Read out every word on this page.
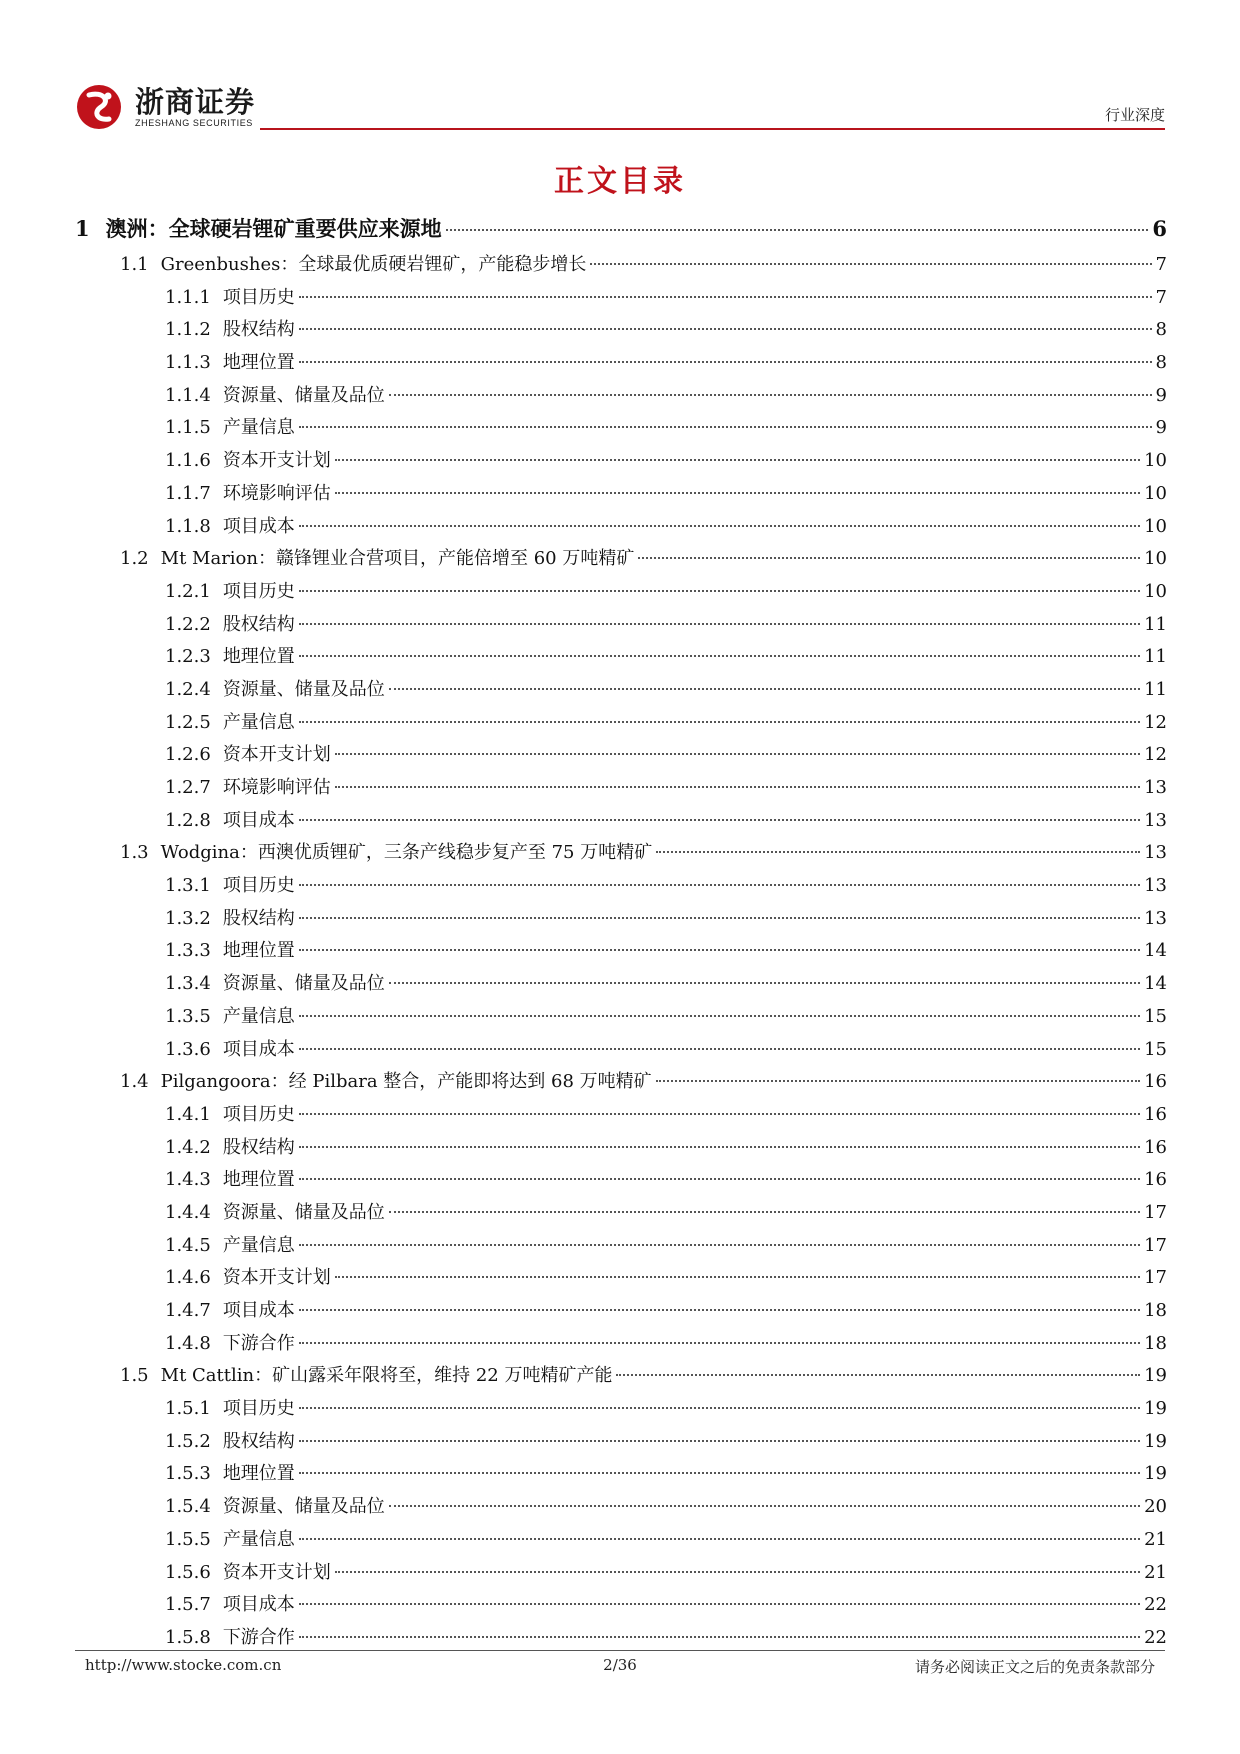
浙商证券
ZHESHANG SECURITIES	行业深度
正文目录
1 澳洲：全球硬岩锂矿重要供应来源地	6
1.1 Greenbushes：全球最优质硬岩锂矿，产能稳步增长	7
1.1.1 项目历史	7
1.1.2 股权结构	8
1.1.3 地理位置	8
1.1.4 资源量、储量及品位	9
1.1.5 产量信息	9
1.1.6 资本开支计划	10
1.1.7 环境影响评估	10
1.1.8 项目成本	10
1.2 Mt Marion：赣锋锂业合营项目，产能倍增至 60 万吨精矿	10
1.2.1 项目历史	10
1.2.2 股权结构	11
1.2.3 地理位置	11
1.2.4 资源量、储量及品位	11
1.2.5 产量信息	12
1.2.6 资本开支计划	12
1.2.7 环境影响评估	13
1.2.8 项目成本	13
1.3 Wodgina：西澳优质锂矿，三条产线稳步复产至 75 万吨精矿	13
1.3.1 项目历史	13
1.3.2 股权结构	13
1.3.3 地理位置	14
1.3.4 资源量、储量及品位	14
1.3.5 产量信息	15
1.3.6 项目成本	15
1.4 Pilgangoora：经 Pilbara 整合，产能即将达到 68 万吨精矿	16
1.4.1 项目历史	16
1.4.2 股权结构	16
1.4.3 地理位置	16
1.4.4 资源量、储量及品位	17
1.4.5 产量信息	17
1.4.6 资本开支计划	17
1.4.7 项目成本	18
1.4.8 下游合作	18
1.5 Mt Cattlin：矿山露采年限将至，维持 22 万吨精矿产能	19
1.5.1 项目历史	19
1.5.2 股权结构	19
1.5.3 地理位置	19
1.5.4 资源量、储量及品位	20
1.5.5 产量信息	21
1.5.6 资本开支计划	21
1.5.7 项目成本	22
1.5.8 下游合作	22
http://www.stocke.com.cn	2/36	请务必阅读正文之后的免责条款部分
